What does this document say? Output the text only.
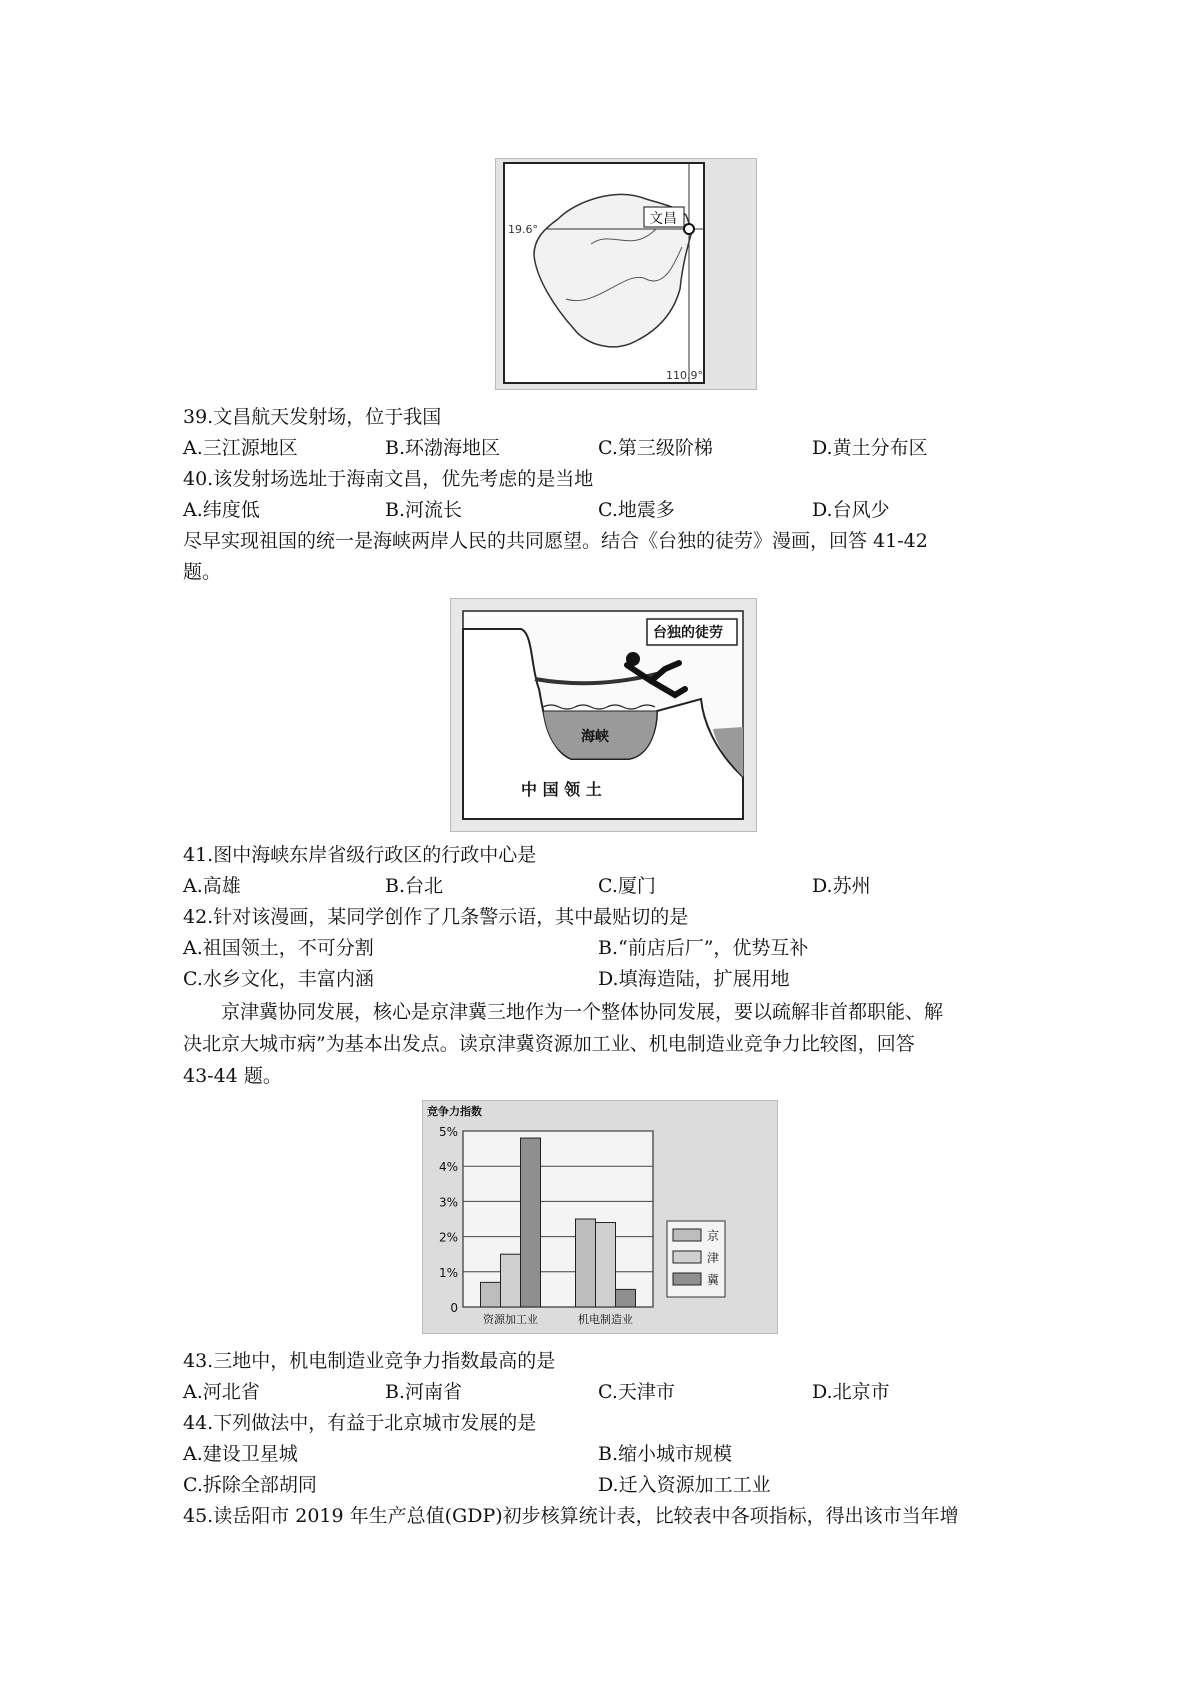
文昌
19.6°
110.9°
39.文昌航天发射场，位于我国
A.三江源地区	B.环渤海地区	C.第三级阶梯	D.黄土分布区
40.该发射场选址于海南文昌，优先考虑的是当地
A.纬度低	B.河流长	C.地震多	D.台风少
尽早实现祖国的统一是海峡两岸人民的共同愿望。结合《台独的徒劳》漫画，回答 41-42
题。
台独的徒劳
海峡
中 国 领 土
41.图中海峡东岸省级行政区的行政中心是
A.高雄	B.台北	C.厦门	D.苏州
42.针对该漫画，某同学创作了几条警示语，其中最贴切的是
A.祖国领土，不可分割	B.“前店后厂”，优势互补
C.水乡文化，丰富内涵	D.填海造陆，扩展用地
京津冀协同发展，核心是京津冀三地作为一个整体协同发展，要以疏解非首都职能、解
决北京大城市病”为基本出发点。读京津冀资源加工业、机电制造业竞争力比较图，回答
43-44 题。
竞争力指数
0
1%
2%
3%
4%
5%
资源加工业	机电制造业
京
津
冀
43.三地中，机电制造业竞争力指数最高的是
A.河北省	B.河南省	C.天津市	D.北京市
44.下列做法中，有益于北京城市发展的是
A.建设卫星城	B.缩小城市规模
C.拆除全部胡同	D.迁入资源加工工业
45.读岳阳市 2019 年生产总值(GDP)初步核算统计表，比较表中各项指标，得出该市当年增
